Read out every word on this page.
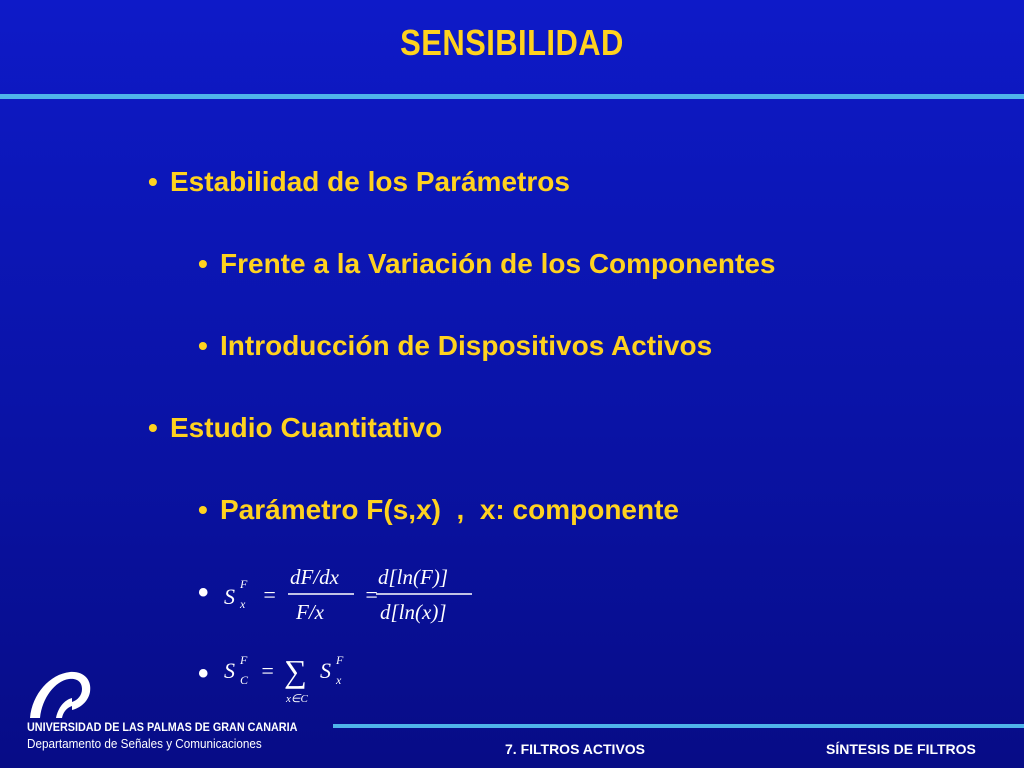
SENSIBILIDAD
• Estabilidad de los Parámetros
• Frente a la Variación de los Componentes
• Introducción de Dispositivos Activos
• Estudio Cuantitativo
• Parámetro F(s,x)  ,  x: componente
• S F
x =
dF/dx
F/x
=
d[ln(F)]
d[ln(x)]
• S F
C = ∑
x∈C
S F
x
UNIVERSIDAD DE LAS PALMAS DE GRAN CANARIA
Departamento de Señales y Comunicaciones	7. FILTROS ACTIVOS	SÍNTESIS DE FILTROS
